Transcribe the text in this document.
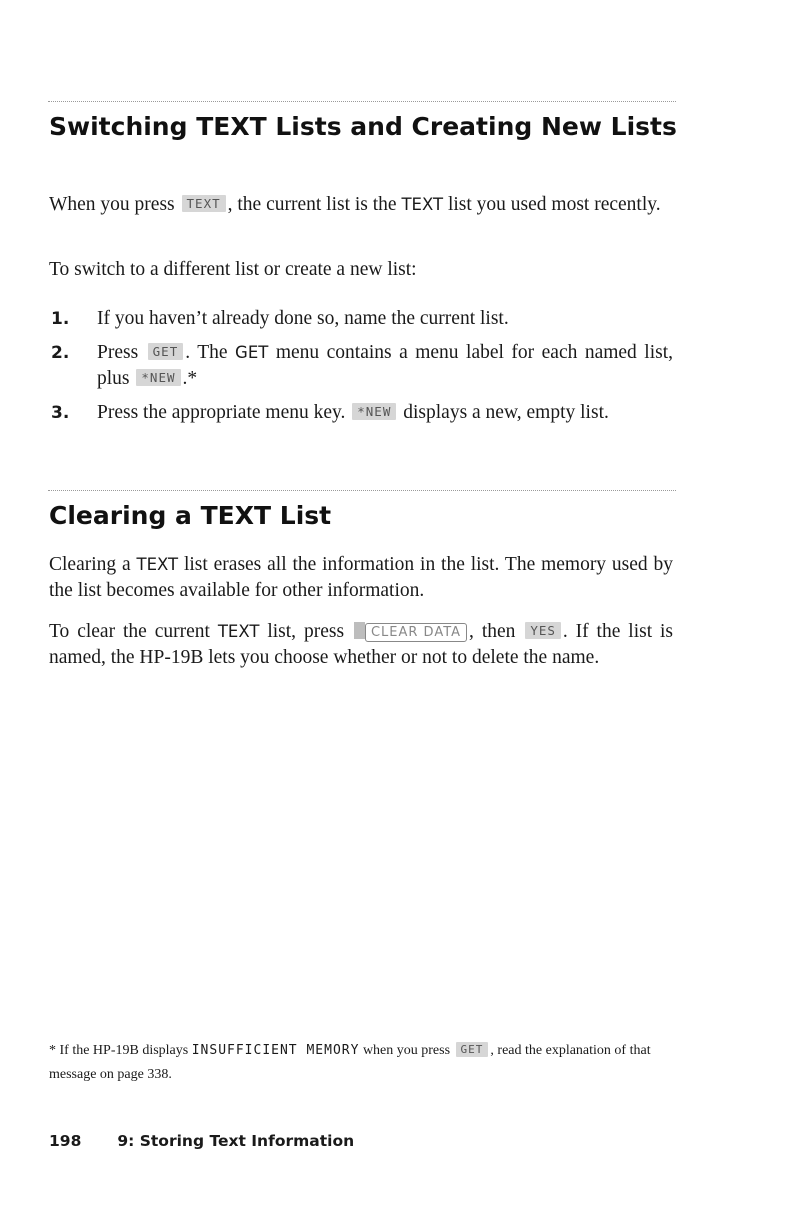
Switching TEXT Lists and Creating New Lists

When you press TEXT , the current list is the TEXT list you used most recently.

To switch to a different list or create a new list:

1. If you haven’t already done so, name the current list.
2. Press GET . The GET menu contains a menu label for each named list, plus *NEW .*
3. Press the appropriate menu key. *NEW displays a new, empty list.
Clearing a TEXT List

Clearing a TEXT list erases all the information in the list. The memory used by the list becomes available for other information.

To clear the current TEXT list, press CLEAR DATA , then YES . If the list is named, the HP-19B lets you choose whether or not to delete the name.

* If the HP-19B displays INSUFFICIENT MEMORY when you press GET , read the explanation of that message on page 338.

198 9: Storing Text Information
